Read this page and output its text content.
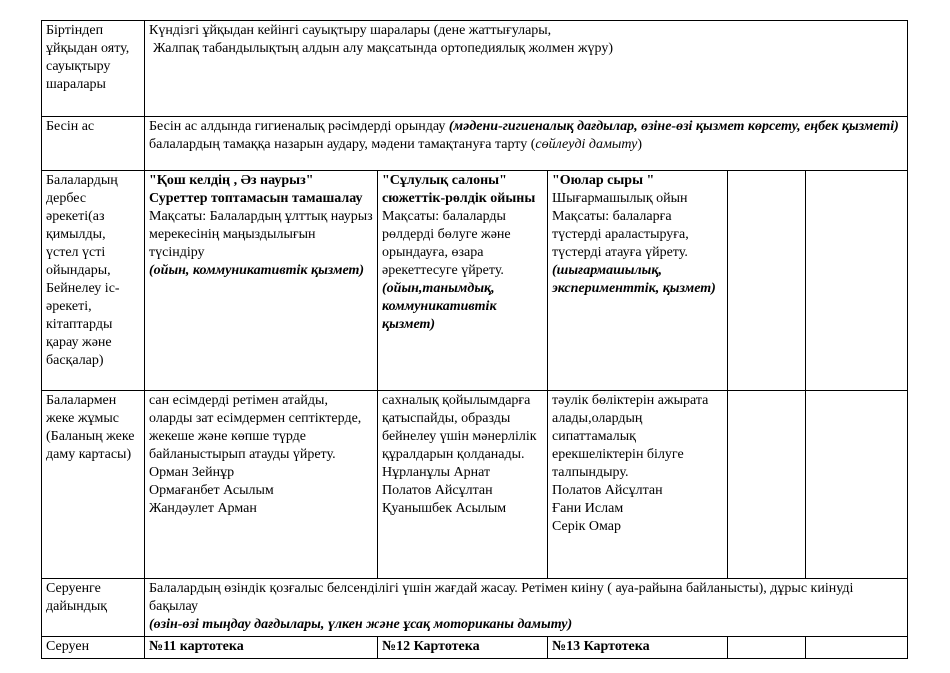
Біртіндеп ұйқыдан ояту, сауықтыру шаралары	Күндізгі ұйқыдан кейінгі сауықтыру шаралары (дене жаттығулары,
Жалпақ табандылықтың алдын алу мақсатында ортопедиялық жолмен жүру)				

Бесін ас	Бесін ас алдында гигиеналық рәсімдерді орындау (мәдени-гигиеналық дағдылар, өзіне-өзі қызмет көрсету, еңбек қызметі) балалардың тамаққа назарын аудару, мәдени тамақтануға тарту (сөйлеуді дамыту)				
Балалардың дербес әрекеті(аз қимылды, үстел үсті ойындары, Бейнелеу іс-әрекеті, кітаптарды қарау және басқалар)	"Қош келдің , Әз наурыз" Суреттер топтамасын тамашалау
Мақсаты: Балалардың ұлттық наурыз мерекесінің маңыздылығын түсіндіру
(ойын, коммуникативтік қызмет)	"Сұлулық салоны" сюжеттік-рөлдік ойыны
Мақсаты: балаларды рөлдерді бөлуге және орындауға, өзара әрекеттесуге үйрету.
(ойын,танымдық, коммуникативтік қызмет)	"Оюлар сыры "
Шығармашылық ойын
Мақсаты: балаларға түстерді араластыруға, түстерді атауға үйрету.
(шығармашылық, эксперименттік, қызмет)		

Балалармен жеке жұмыс (Баланың жеке даму картасы)	сан есімдерді ретімен атайды, оларды зат есімдермен септіктерде, жекеше және көпше түрде байланыстырып атауды үйрету.
Орман Зейнұр
Ормағанбет Асылым
Жандәулет Арман	сахналық қойылымдарға қатыспайды, образды бейнелеу үшін мәнерлілік құралдарын қолданады.
Нұрланұлы Арнат
Полатов Айсұлтан
Қуанышбек Асылым	тәулік бөліктерін ажырата алады,олардың сипаттамалық ерекшеліктерін білуге талпындыру.
Полатов Айсұлтан
Ғани Ислам
Серік Омар		

Серуенге дайындық	Балалардың өзіндік қозғалыс белсенділігі үшін жағдай жасау. Ретімен киіну ( ауа-райына байланысты), дұрыс киінуді бақылау
(өзін-өзі тыңдау дағдылары, үлкен және ұсақ моториканы дамыту)				

Серуен	№11 картотека	№12 Картотека	№13 Картотека		
